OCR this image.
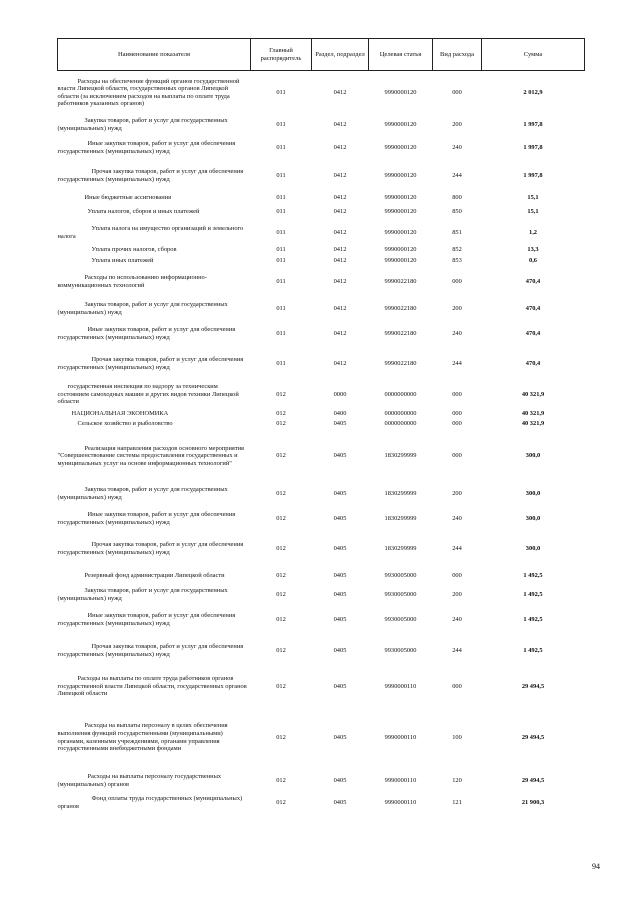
Наименование показателя	Главный распорядитель	Раздел, подраздел	Целевая статья	Вид расхода	Сумма
Расходы на обеспечение функций органов государственной власти Липецкой области, государственных органов Липецкой области (за исключением расходов на выплаты по оплате труда работников указанных органов)	011	0412	9990000120	000	2 012,9
Закупка товаров, работ и услуг для государственных (муниципальных) нужд	011	0412	9990000120	200	1 997,8
Иные закупки товаров, работ и услуг для обеспечения государственных (муниципальных) нужд	011	0412	9990000120	240	1 997,8
Прочая закупка товаров, работ и услуг для обеспечения государственных (муниципальных) нужд	011	0412	9990000120	244	1 997,8
Иные бюджетные ассигнования	011	0412	9990000120	800	15,1
Уплата налогов, сборов и иных платежей	011	0412	9990000120	850	15,1
Уплата налога на имущество организаций и земельного налога	011	0412	9990000120	851	1,2
Уплата прочих налогов, сборов	011	0412	9990000120	852	13,3
Уплата иных платежей	011	0412	9990000120	853	0,6
Расходы по использованию информационно-коммуникационных технологий	011	0412	9990022180	000	470,4
Закупка товаров, работ и услуг для государственных (муниципальных) нужд	011	0412	9990022180	200	470,4
Иные закупки товаров, работ и услуг для обеспечения государственных (муниципальных) нужд	011	0412	9990022180	240	470,4
Прочая закупка товаров, работ и услуг для обеспечения государственных (муниципальных) нужд	011	0412	9990022180	244	470,4
государственная инспекция по надзору за техническим состоянием самоходных машин и других видов техники Липецкой области	012	0000	0000000000	000	40 321,9
НАЦИОНАЛЬНАЯ ЭКОНОМИКА	012	0400	0000000000	000	40 321,9
Сельское хозяйство и рыболовство	012	0405	0000000000	000	40 321,9
Реализация направления расходов основного мероприятия "Совершенствование системы предоставления государственных и муниципальных услуг на основе информационных технологий"	012	0405	1830299999	000	300,0
Закупка товаров, работ и услуг для государственных (муниципальных) нужд	012	0405	1830299999	200	300,0
Иные закупки товаров, работ и услуг для обеспечения государственных (муниципальных) нужд	012	0405	1830299999	240	300,0
Прочая закупка товаров, работ и услуг для обеспечения государственных (муниципальных) нужд	012	0405	1830299999	244	300,0
Резервный фонд администрации Липецкой области	012	0405	9930005000	000	1 492,5
Закупка товаров, работ и услуг для государственных (муниципальных) нужд	012	0405	9930005000	200	1 492,5
Иные закупки товаров, работ и услуг для обеспечения государственных (муниципальных) нужд	012	0405	9930005000	240	1 492,5
Прочая закупка товаров, работ и услуг для обеспечения государственных (муниципальных) нужд	012	0405	9930005000	244	1 492,5
Расходы на выплаты по оплате труда работников органов государственной власти Липецкой области, государственных органов Липецкой области	012	0405	9990000110	000	29 494,5
Расходы на выплаты персоналу в целях обеспечения выполнения функций государственными (муниципальными) органами, казенными учреждениями, органами управления государственными внебюджетными фондами	012	0405	9990000110	100	29 494,5
Расходы на выплаты персоналу государственных (муниципальных) органов	012	0405	9990000110	120	29 494,5
Фонд оплаты труда государственных (муниципальных) органов	012	0405	9990000110	121	21 900,3
94
